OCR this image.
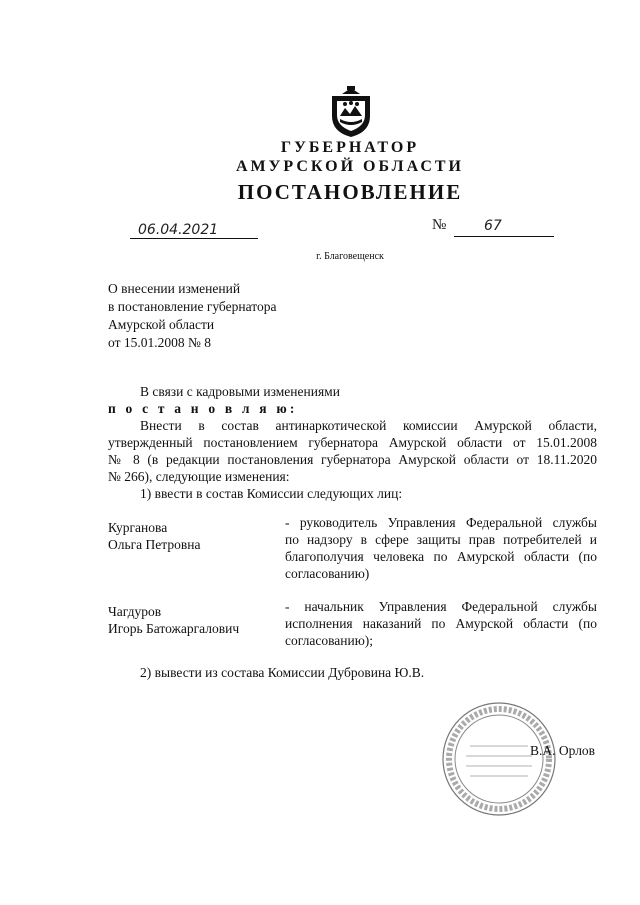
ГУБЕРНАТОР
АМУРСКОЙ ОБЛАСТИ
ПОСТАНОВЛЕНИЕ
06.04.2021	№	67
г. Благовещенск
О внесении изменений
в постановление губернатора
Амурской области
от 15.01.2008 № 8
В связи с кадровыми изменениями
п о с т а н о в л я ю:
Внести в состав антинаркотической комиссии Амурской области,
утвержденный постановлением губернатора Амурской области от 15.01.2008
№ 8 (в редакции постановления губернатора Амурской области от 18.11.2020
№ 266), следующие изменения:
1) ввести в состав Комиссии следующих лиц:
Курганова
Ольга Петровна
- руководитель Управления Федеральной службы
по надзору в сфере защиты прав потребителей и
благополучия человека по Амурской области (по
согласованию)
Чагдуров
Игорь Батожаргалович
- начальник Управления Федеральной службы
исполнения наказаний по Амурской области (по
согласованию);
2) вывести из состава Комиссии Дубровина Ю.В.
В.А. Орлов
